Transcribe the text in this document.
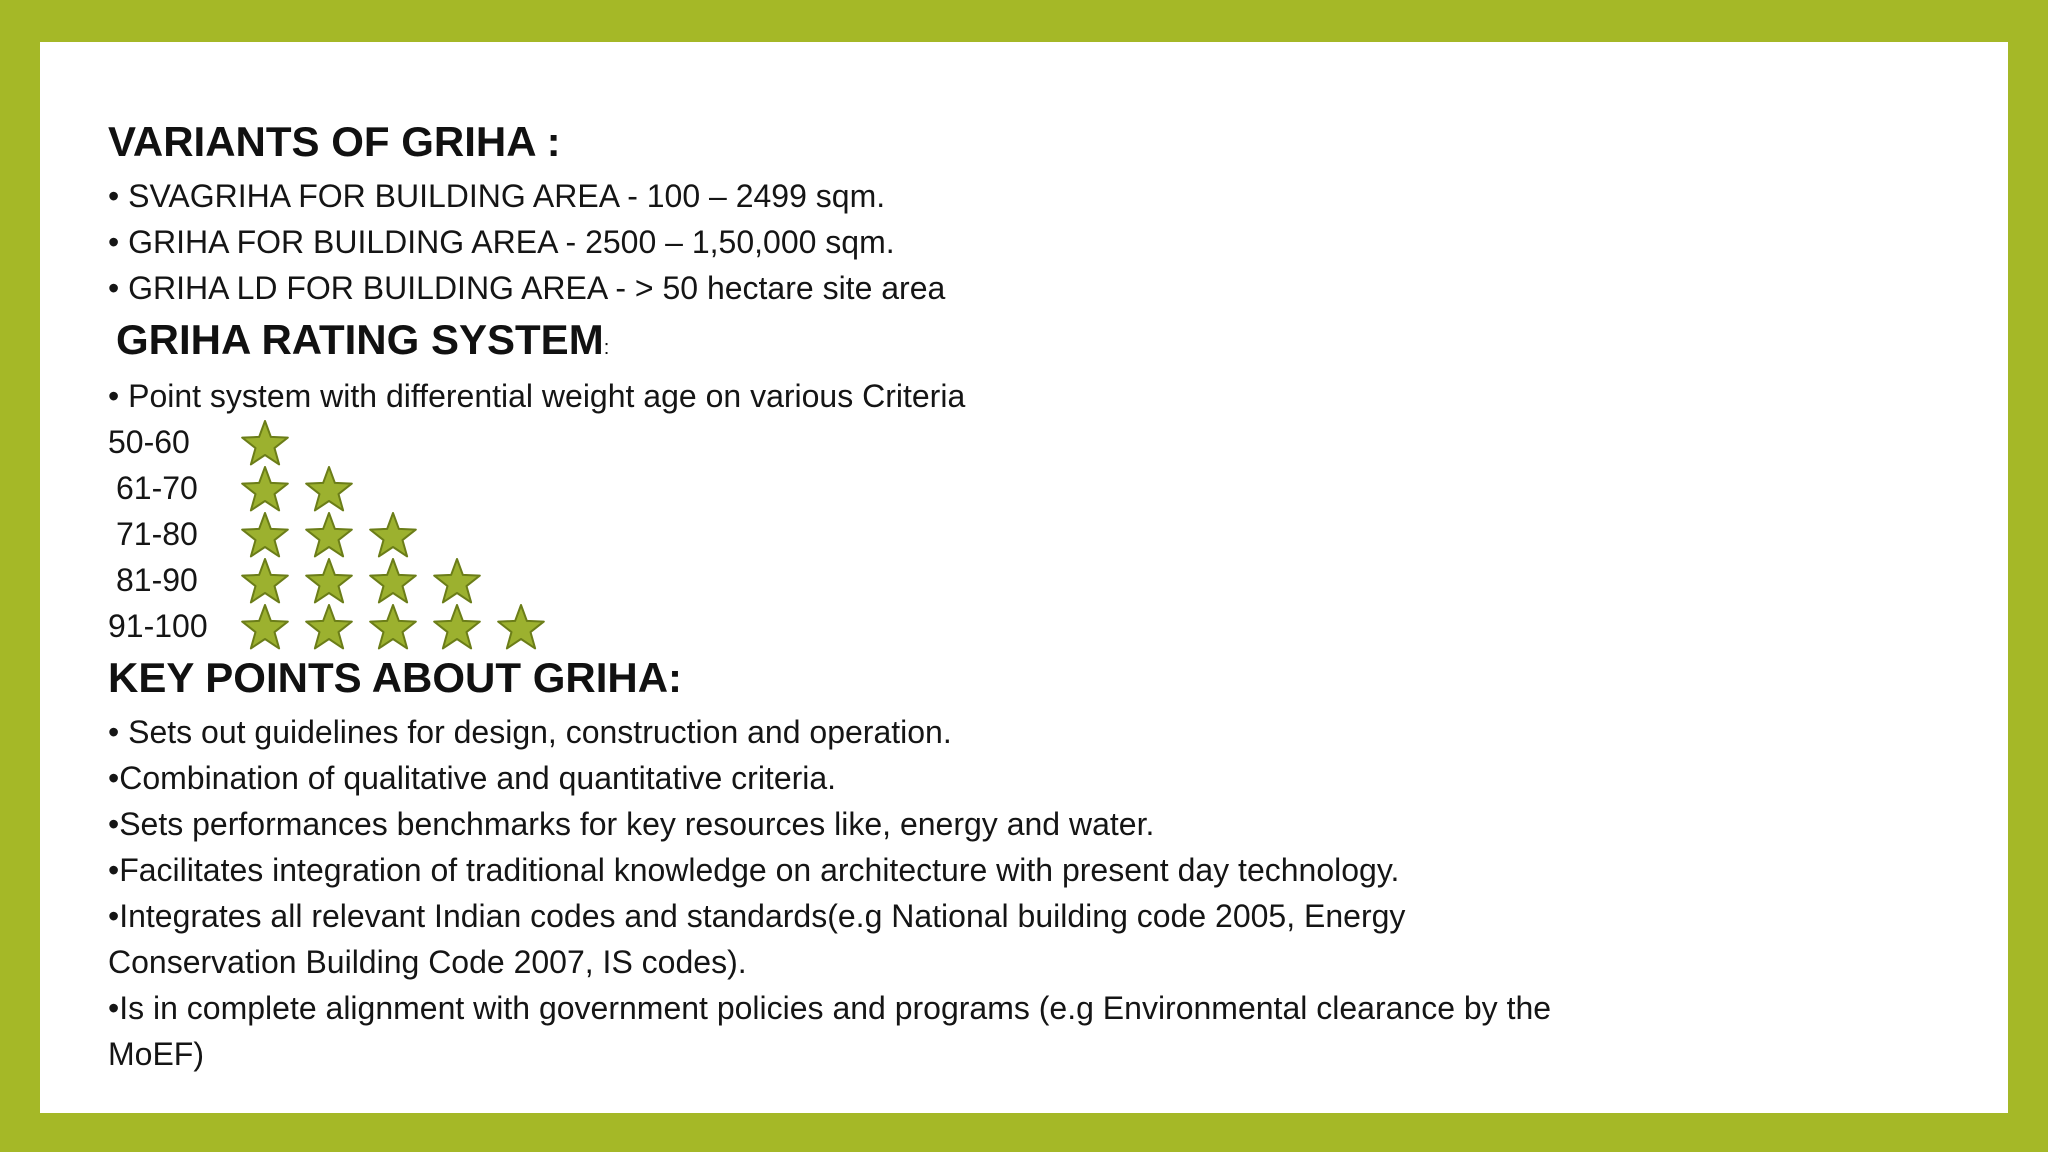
VARIANTS OF GRIHA :
• SVAGRIHA FOR BUILDING AREA - 100 – 2499 sqm.
• GRIHA FOR BUILDING AREA - 2500 – 1,50,000 sqm.
• GRIHA LD FOR BUILDING AREA - > 50 hectare site area
GRIHA RATING SYSTEM:
• Point system with differential weight age on various Criteria
50-60
61-70
71-80
81-90
91-100
KEY POINTS ABOUT GRIHA:
• Sets out guidelines for design, construction and operation.
•Combination of qualitative and quantitative criteria.
•Sets performances benchmarks for key resources like, energy and water.
•Facilitates integration of traditional knowledge on architecture with present day technology.
•Integrates all relevant Indian codes and standards(e.g National building code 2005, Energy
Conservation Building Code 2007, IS codes).
•Is in complete alignment with government policies and programs (e.g Environmental clearance by the
MoEF)
